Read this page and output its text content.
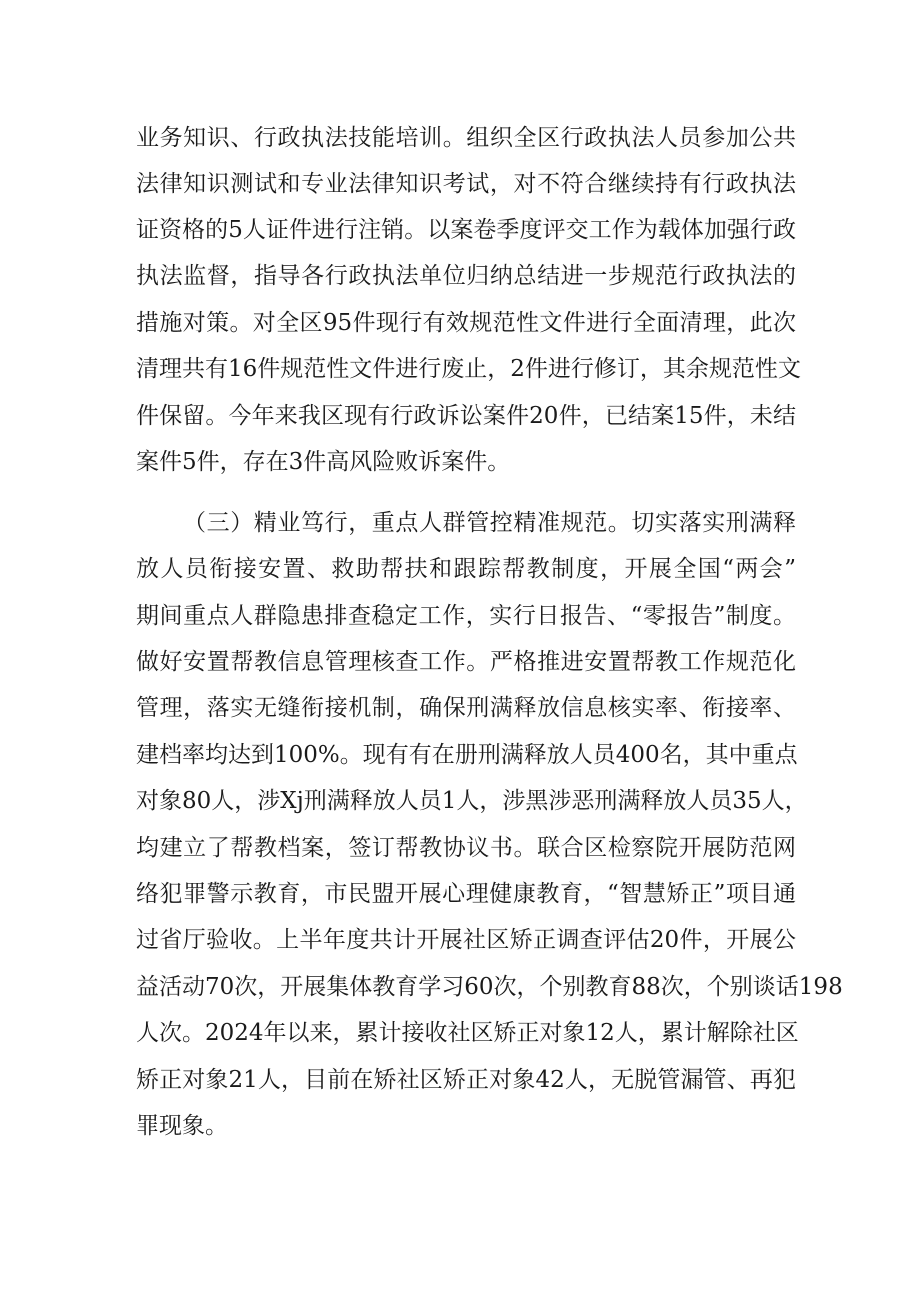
业务知识、行政执法技能培训。组织全区行政执法人员参加公共
法律知识测试和专业法律知识考试，对不符合继续持有行政执法
证资格的5人证件进行注销。以案卷季度评交工作为载体加强行政
执法监督，指导各行政执法单位归纳总结进一步规范行政执法的
措施对策。对全区95件现行有效规范性文件进行全面清理，此次
清理共有16件规范性文件进行废止，2件进行修订，其余规范性文
件保留。今年来我区现有行政诉讼案件20件，已结案15件，未结
案件5件，存在3件高风险败诉案件。
（三）精业笃行，重点人群管控精准规范。切实落实刑满释
放人员衔接安置、救助帮扶和跟踪帮教制度，开展全国“两会”
期间重点人群隐患排查稳定工作，实行日报告、“零报告”制度。
做好安置帮教信息管理核查工作。严格推进安置帮教工作规范化
管理，落实无缝衔接机制，确保刑满释放信息核实率、衔接率、
建档率均达到100%。现有有在册刑满释放人员400名，其中重点
对象80人，涉Xj刑满释放人员1人，涉黑涉恶刑满释放人员35人，
均建立了帮教档案，签订帮教协议书。联合区检察院开展防范网
络犯罪警示教育，市民盟开展心理健康教育，“智慧矫正”项目通
过省厅验收。上半年度共计开展社区矫正调查评估20件，开展公
益活动70次，开展集体教育学习60次，个别教育88次，个别谈话198
人次。2024年以来，累计接收社区矫正对象12人，累计解除社区
矫正对象21人，目前在矫社区矫正对象42人，无脱管漏管、再犯
罪现象。
